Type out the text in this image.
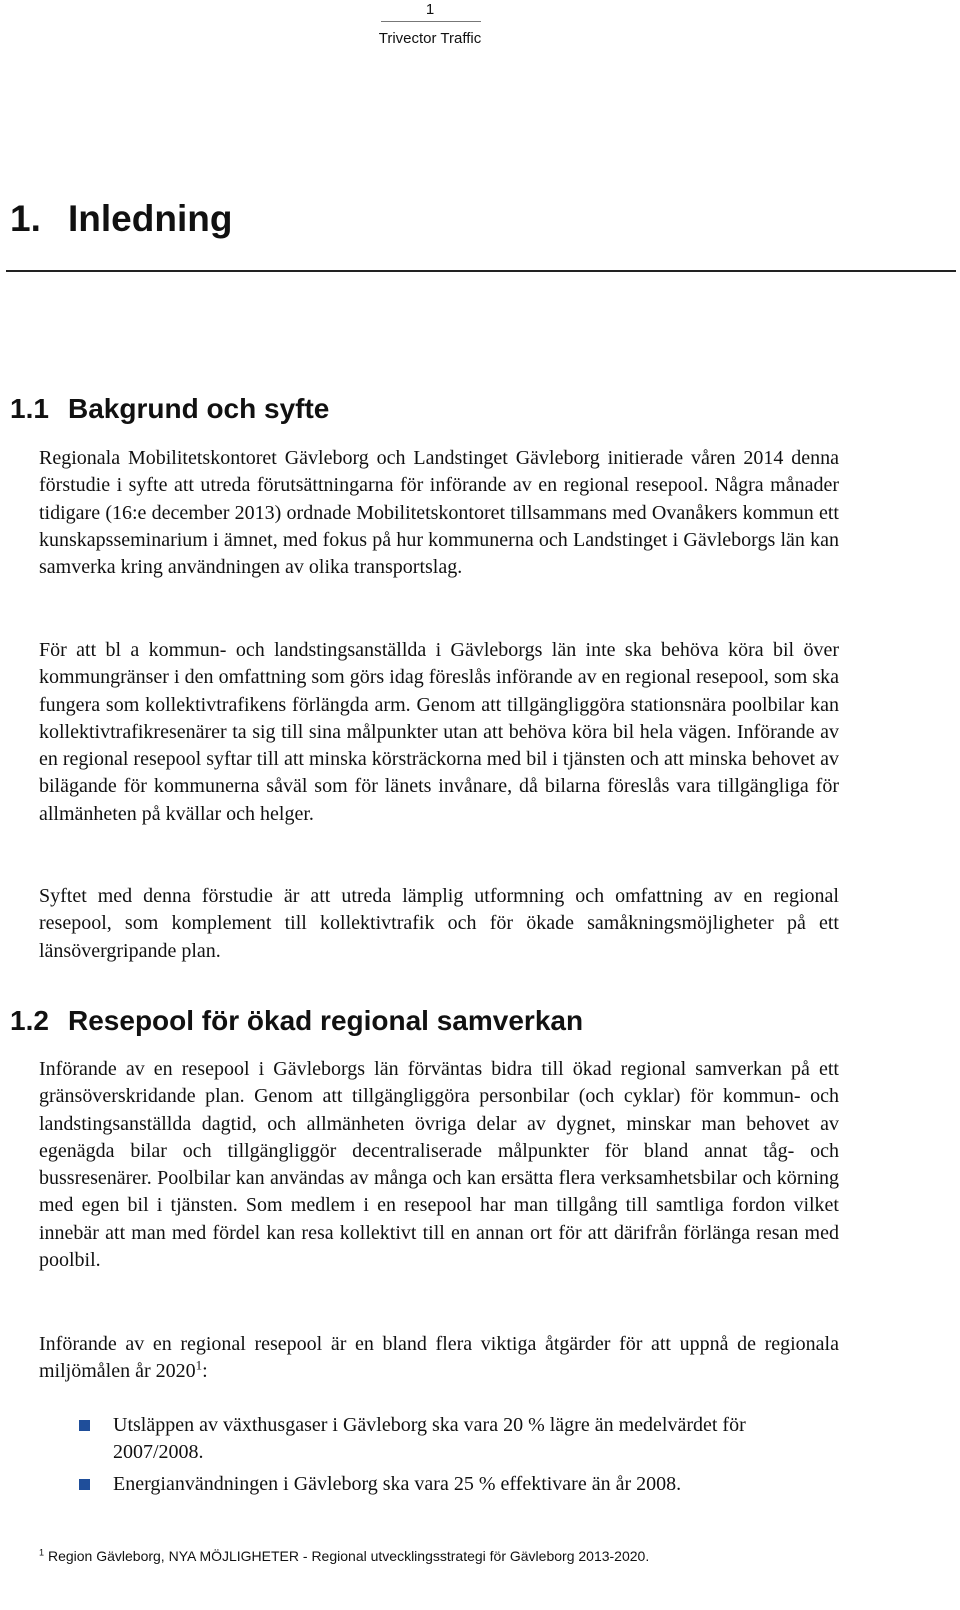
1
Trivector Traffic
1. Inledning
1.1 Bakgrund och syfte

Regionala Mobilitetskontoret Gävleborg och Landstinget Gävleborg initierade våren 2014 denna förstudie i syfte att utreda förutsättningarna för införande av en regional resepool. Några månader tidigare (16:e december 2013) ordnade Mobilitetskontoret tillsammans med Ovanåkers kommun ett kunskapsseminarium i ämnet, med fokus på hur kommunerna och Landstinget i Gävleborgs län kan samverka kring användningen av olika transportslag.

För att bl a kommun- och landstingsanställda i Gävleborgs län inte ska behöva köra bil över kommungränser i den omfattning som görs idag föreslås införande av en regional resepool, som ska fungera som kollektivtrafikens förlängda arm. Genom att tillgängliggöra stationsnära poolbilar kan kollektivtrafikresenärer ta sig till sina målpunkter utan att behöva köra bil hela vägen. Införande av en regional resepool syftar till att minska körsträckorna med bil i tjänsten och att minska behovet av bilägande för kommunerna såväl som för länets invånare, då bilarna föreslås vara tillgängliga för allmänheten på kvällar och helger.

Syftet med denna förstudie är att utreda lämplig utformning och omfattning av en regional resepool, som komplement till kollektivtrafik och för ökade samåkningsmöjligheter på ett länsövergripande plan.

1.2 Resepool för ökad regional samverkan

Införande av en resepool i Gävleborgs län förväntas bidra till ökad regional samverkan på ett gränsöverskridande plan. Genom att tillgängliggöra personbilar (och cyklar) för kommun- och landstingsanställda dagtid, och allmänheten övriga delar av dygnet, minskar man behovet av egenägda bilar och tillgängliggör decentraliserade målpunkter för bland annat tåg- och bussresenärer. Poolbilar kan användas av många och kan ersätta flera verksamhetsbilar och körning med egen bil i tjänsten. Som medlem i en resepool har man tillgång till samtliga fordon vilket innebär att man med fördel kan resa kollektivt till en annan ort för att därifrån förlänga resan med poolbil.

Införande av en regional resepool är en bland flera viktiga åtgärder för att uppnå de regionala miljömålen år 2020$^1$:

Utsläppen av växthusgaser i Gävleborg ska vara 20 % lägre än medelvärdet för 2007/2008.
Energianvändningen i Gävleborg ska vara 25 % effektivare än år 2008.
$^1$ Region Gävleborg, NYA MÖJLIGHETER - Regional utvecklingsstrategi för Gävleborg 2013-2020.
